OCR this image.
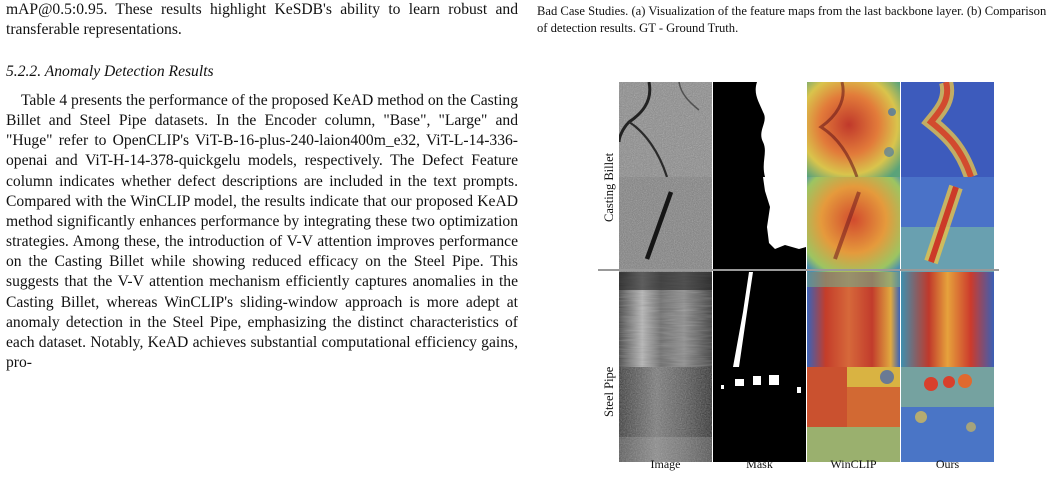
mAP@0.5:0.95. These results highlight KeSDB's ability to learn robust and transferable representations.

5.2.2. Anomaly Detection Results

Table 4 presents the performance of the proposed KeAD method on the Casting Billet and Steel Pipe datasets. In the Encoder column, "Base", "Large" and "Huge" refer to OpenCLIP's ViT-B-16-plus-240-laion400m_e32, ViT-L-14-336-openai and ViT-H-14-378-quickgelu models, respectively. The Defect Feature column indicates whether defect descriptions are included in the text prompts. Compared with the WinCLIP model, the results indicate that our proposed KeAD method significantly enhances performance by integrating these two optimization strategies. Among these, the introduction of V-V attention improves performance on the Casting Billet while showing reduced efficacy on the Steel Pipe. This suggests that the V-V attention mechanism efficiently captures anomalies in the Casting Billet, whereas WinCLIP's sliding-window approach is more adept at anomaly detection in the Steel Pipe, emphasizing the distinct characteristics of each dataset. Notably, KeAD achieves substantial computational efficiency gains, pro-

Bad Case Studies. (a) Visualization of the feature maps from the last backbone layer. (b) Comparison of detection results. GT - Ground Truth.

Casting Billet
Steel Pipe
Image	Mask	WinCLIP	Ours
